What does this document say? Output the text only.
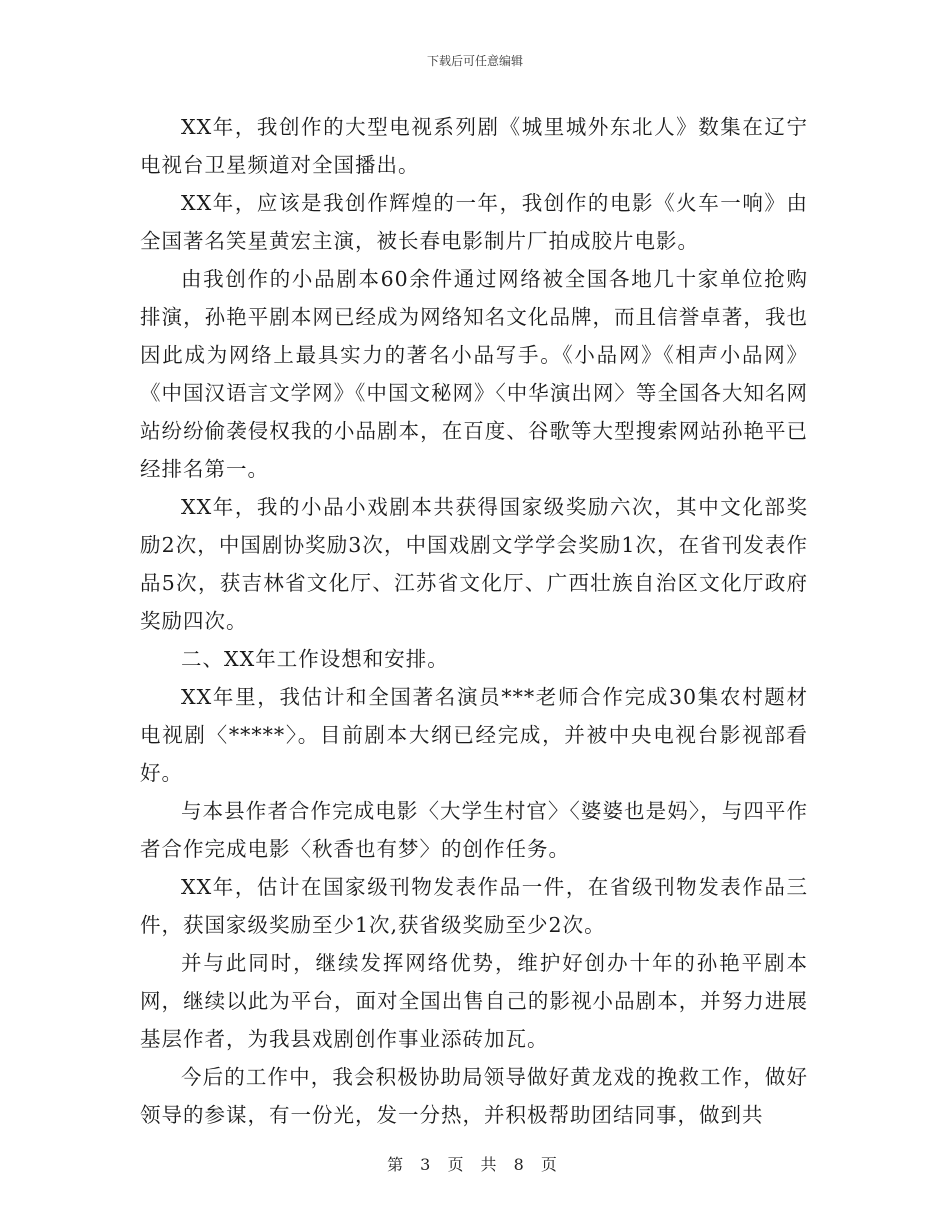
下载后可任意编辑

XX年，我创作的大型电视系列剧《城里城外东北人》数集在辽宁电视台卫星频道对全国播出。

XX年，应该是我创作辉煌的一年，我创作的电影《火车一响》由全国著名笑星黄宏主演，被长春电影制片厂拍成胶片电影。

由我创作的小品剧本60余件通过网络被全国各地几十家单位抢购排演，孙艳平剧本网已经成为网络知名文化品牌，而且信誉卓著，我也因此成为网络上最具实力的著名小品写手。《小品网》《相声小品网》《中国汉语言文学网》《中国文秘网》〈中华演出网〉等全国各大知名网站纷纷偷袭侵权我的小品剧本，在百度、谷歌等大型搜索网站孙艳平已经排名第一。

XX年，我的小品小戏剧本共获得国家级奖励六次，其中文化部奖励2次，中国剧协奖励3次，中国戏剧文学学会奖励1次，在省刊发表作品5次，获吉林省文化厅、江苏省文化厅、广西壮族自治区文化厅政府奖励四次。

二、XX年工作设想和安排。

XX年里，我估计和全国著名演员***老师合作完成30集农村题材电视剧〈*****〉。目前剧本大纲已经完成，并被中央电视台影视部看好。

与本县作者合作完成电影〈大学生村官〉〈婆婆也是妈〉，与四平作者合作完成电影〈秋香也有梦〉的创作任务。

XX年，估计在国家级刊物发表作品一件，在省级刊物发表作品三件，获国家级奖励至少1次,获省级奖励至少2次。

并与此同时，继续发挥网络优势，维护好创办十年的孙艳平剧本网，继续以此为平台，面对全国出售自己的影视小品剧本，并努力进展基层作者，为我县戏剧创作事业添砖加瓦。

今后的工作中，我会积极协助局领导做好黄龙戏的挽救工作，做好领导的参谋，有一份光，发一分热，并积极帮助团结同事，做到共

第 3 页 共 8 页
